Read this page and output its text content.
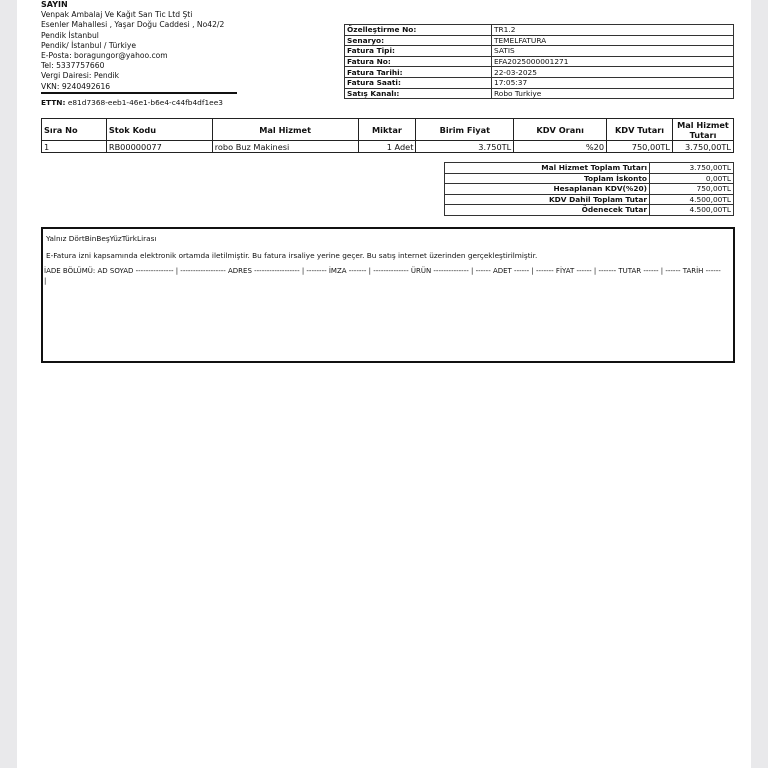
SAYIN
Venpak Ambalaj Ve Kağıt San Tic Ltd Şti
Esenler Mahallesi , Yaşar Doğu Caddesi , No42/2
Pendik İstanbul
Pendik/ İstanbul / Türkiye
E-Posta: boragungor@yahoo.com
Tel: 5337757660
Vergi Dairesi: Pendik
VKN: 9240492616
ETTN: e81d7368-eeb1-46e1-b6e4-c44fb4df1ee3
Özelleştirme No:	TR1.2
Senaryo:	TEMELFATURA
Fatura Tipi:	SATIS
Fatura No:	EFA2025000001271
Fatura Tarihi:	22-03-2025
Fatura Saati:	17:05:37
Satış Kanalı:	Robo Turkiye
Sıra No	Stok Kodu	Mal Hizmet	Miktar	Birim Fiyat	KDV Oranı	KDV Tutarı	Mal Hizmet Tutarı
1	RB00000077	robo Buz Makinesi	1 Adet	3.750TL	%20	750,00TL	3.750,00TL
Mal Hizmet Toplam Tutarı	3.750,00TL
Toplam İskonto	0,00TL
Hesaplanan KDV(%20)	750,00TL
KDV Dahil Toplam Tutar	4.500,00TL
Ödenecek Tutar	4.500,00TL
Yalnız DörtBinBeşYüzTürkLirası
E-Fatura izni kapsamında elektronik ortamda iletilmiştir. Bu fatura irsaliye yerine geçer. Bu satış internet üzerinden gerçekleştirilmiştir.
İADE BÖLÜMÜ: AD SOYAD --------------- | ------------------ ADRES ------------------ | -------- İMZA ------- | -------------- ÜRÜN -------------- | ------ ADET ------ | ------- FİYAT ------ | ------- TUTAR ------ | ------ TARİH ------
|
